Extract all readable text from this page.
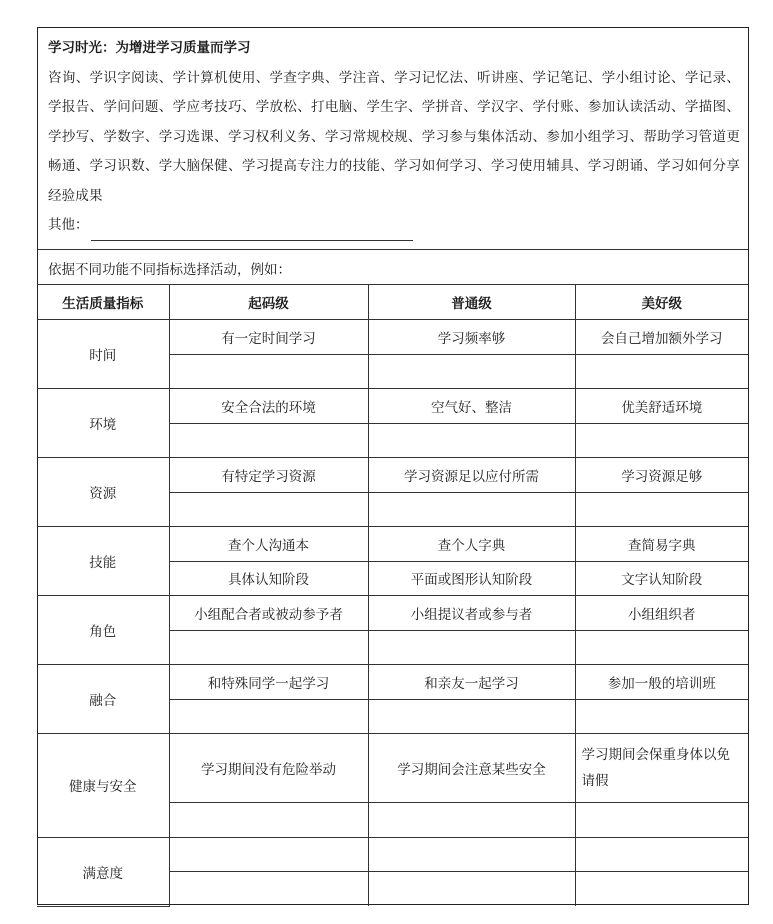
学习时光：为增进学习质量而学习
咨询、学识字阅读、学计算机使用、学查字典、学注音、学习记忆法、听讲座、学记笔记、学小组讨论、学记录、学报告、学问问题、学应考技巧、学放松、打电脑、学生字、学拼音、学汉字、学付账、参加认读活动、学描图、学抄写、学数字、学习选课、学习权利义务、学习常规校规、学习参与集体活动、参加小组学习、帮助学习管道更畅通、学习识数、学大脑保健、学习提高专注力的技能、学习如何学习、学习使用辅具、学习朗诵、学习如何分享经验成果
其他：
依据不同功能不同指标选择活动，例如：
生活质量指标	起码级	普通级	美好级
时间	有一定时间学习	学习频率够	会自己增加额外学习

环境	安全合法的环境	空气好、整洁	优美舒适环境

资源	有特定学习资源	学习资源足以应付所需	学习资源足够

技能	查个人沟通本	查个人字典	查简易字典
	具体认知阶段	平面或图形认知阶段	文字认知阶段
角色	小组配合者或被动参予者	小组提议者或参与者	小组组织者

融合	和特殊同学一起学习	和亲友一起学习	参加一般的培训班

健康与安全	学习期间没有危险举动	学习期间会注意某些安全	学习期间会保重身体以免请假

满意度			
